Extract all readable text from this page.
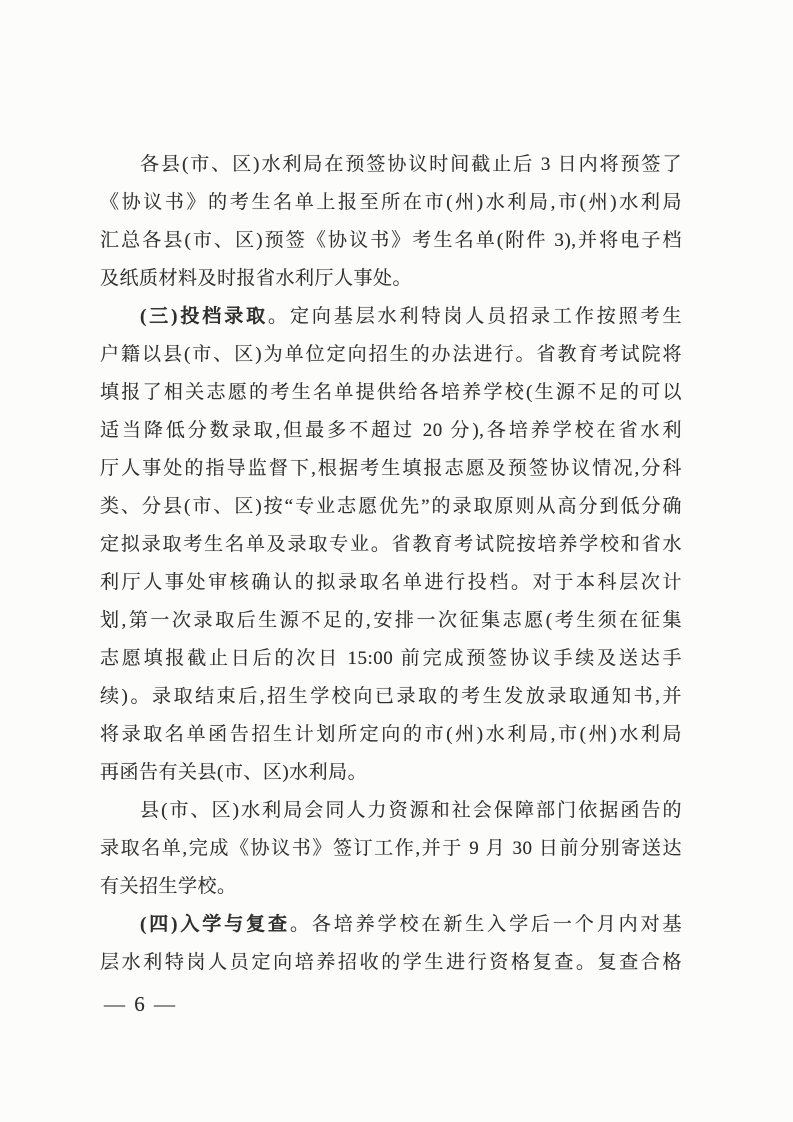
各县(市、区)水利局在预签协议时间截止后 3 日内将预签了
《协议书》的考生名单上报至所在市(州)水利局,市(州)水利局
汇总各县(市、区)预签《协议书》考生名单(附件 3),并将电子档
及纸质材料及时报省水利厅人事处。
(三)投档录取。定向基层水利特岗人员招录工作按照考生
户籍以县(市、区)为单位定向招生的办法进行。省教育考试院将
填报了相关志愿的考生名单提供给各培养学校(生源不足的可以
适当降低分数录取,但最多不超过 20 分),各培养学校在省水利
厅人事处的指导监督下,根据考生填报志愿及预签协议情况,分科
类、分县(市、区)按“专业志愿优先”的录取原则从高分到低分确
定拟录取考生名单及录取专业。省教育考试院按培养学校和省水
利厅人事处审核确认的拟录取名单进行投档。对于本科层次计
划,第一次录取后生源不足的,安排一次征集志愿(考生须在征集
志愿填报截止日后的次日 15:00 前完成预签协议手续及送达手
续)。录取结束后,招生学校向已录取的考生发放录取通知书,并
将录取名单函告招生计划所定向的市(州)水利局,市(州)水利局
再函告有关县(市、区)水利局。
县(市、区)水利局会同人力资源和社会保障部门依据函告的
录取名单,完成《协议书》签订工作,并于 9 月 30 日前分别寄送达
有关招生学校。
(四)入学与复查。各培养学校在新生入学后一个月内对基
层水利特岗人员定向培养招收的学生进行资格复查。复查合格
— 6 —
